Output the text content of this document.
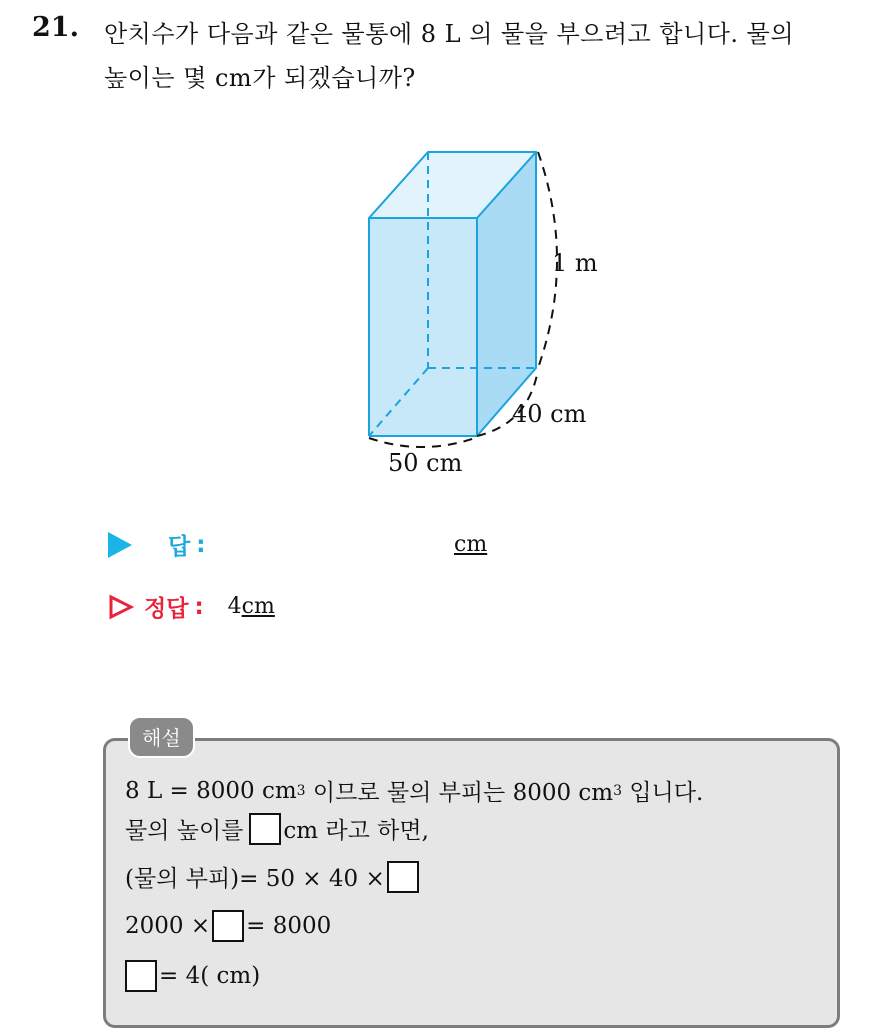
21. 안치수가 다음과 같은 물통에 8 L 의 물을 부으려고 합니다. 물의
높이는 몇 cm가 되겠습니까?
1 m
40 cm
50 cm
답 :	cm
정답 : 4 cm
해설
8 L = 8000 cm 3 이므로 물의 부피는 8000 cm 3 입니다.
물의 높이를 cm 라고 하면,
(물의 부피)= 50 × 40 ×
2000 × = 8000
= 4( cm)
